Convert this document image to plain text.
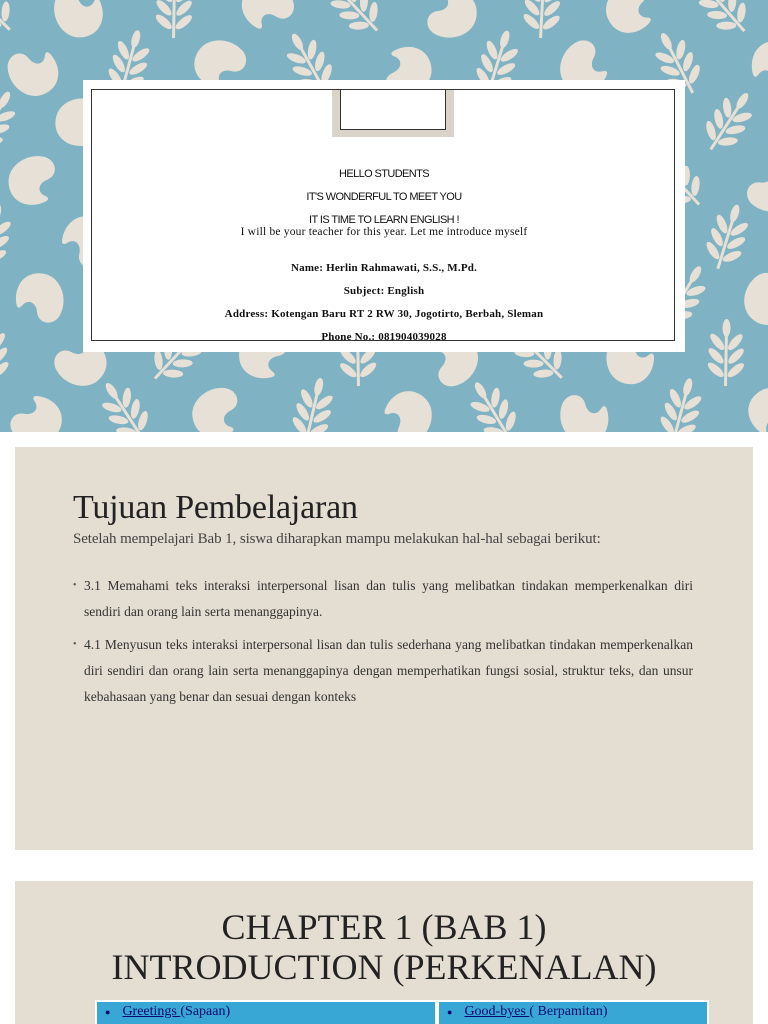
HELLO STUDENTS
IT'S WONDERFUL TO MEET YOU
IT IS TIME TO LEARN ENGLISH !
I will be your teacher for this year. Let me introduce myself
Name: Herlin Rahmawati, S.S., M.Pd.
Subject: English
Address: Kotengan Baru RT 2 RW 30, Jogotirto, Berbah, Sleman
Phone No.: 081904039028
Tujuan Pembelajaran
Setelah mempelajari Bab 1, siswa diharapkan mampu melakukan hal-hal sebagai berikut:
• 3.1 Memahami teks interaksi interpersonal lisan dan tulis yang melibatkan tindakan memperkenalkan diri sendiri dan orang lain serta menanggapinya.
• 4.1 Menyusun teks interaksi interpersonal lisan dan tulis sederhana yang melibatkan tindakan memperkenalkan diri sendiri dan orang lain serta menanggapinya dengan memperhatikan fungsi sosial, struktur teks, dan unsur kebahasaan yang benar dan sesuai dengan konteks
CHAPTER 1 (BAB 1)
INTRODUCTION (PERKENALAN)
● Greetings (Sapaan)	● Good-byes ( Berpamitan)
